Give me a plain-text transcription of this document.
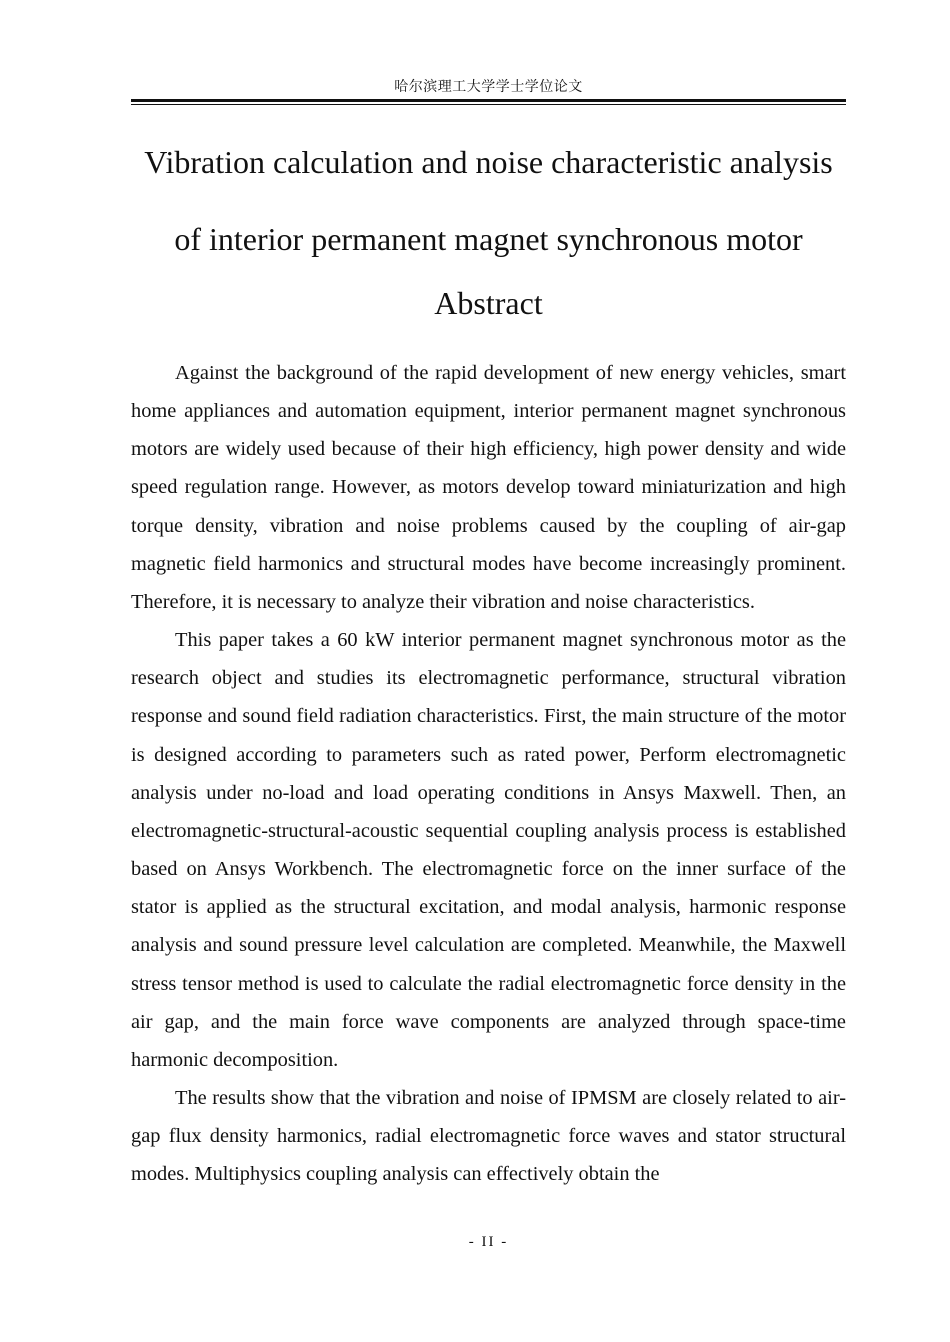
哈尔滨理工大学学士学位论文
Vibration calculation and noise characteristic analysis
of interior permanent magnet synchronous motor
Abstract

Against the background of the rapid development of new energy vehicles, smart home appliances and automation equipment, interior permanent magnet synchronous motors are widely used because of their high efficiency, high power density and wide speed regulation range. However, as motors develop toward miniaturization and high torque density, vibration and noise problems caused by the coupling of air-gap magnetic field harmonics and structural modes have become increasingly prominent. Therefore, it is necessary to analyze their vibration and noise characteristics.

This paper takes a 60 kW interior permanent magnet synchronous motor as the research object and studies its electromagnetic performance, structural vibration response and sound field radiation characteristics. First, the main structure of the motor is designed according to parameters such as rated power, Perform electromagnetic analysis under no-load and load operating conditions in Ansys Maxwell. Then, an electromagnetic-structural-acoustic sequential coupling analysis process is established based on Ansys Workbench. The electromagnetic force on the inner surface of the stator is applied as the structural excitation, and modal analysis, harmonic response analysis and sound pressure level calculation are completed. Meanwhile, the Maxwell stress tensor method is used to calculate the radial electromagnetic force density in the air gap, and the main force wave components are analyzed through space-time harmonic decomposition.

The results show that the vibration and noise of IPMSM are closely related to air-gap flux density harmonics, radial electromagnetic force waves and stator structural modes. Multiphysics coupling analysis can effectively obtain the

- II -
